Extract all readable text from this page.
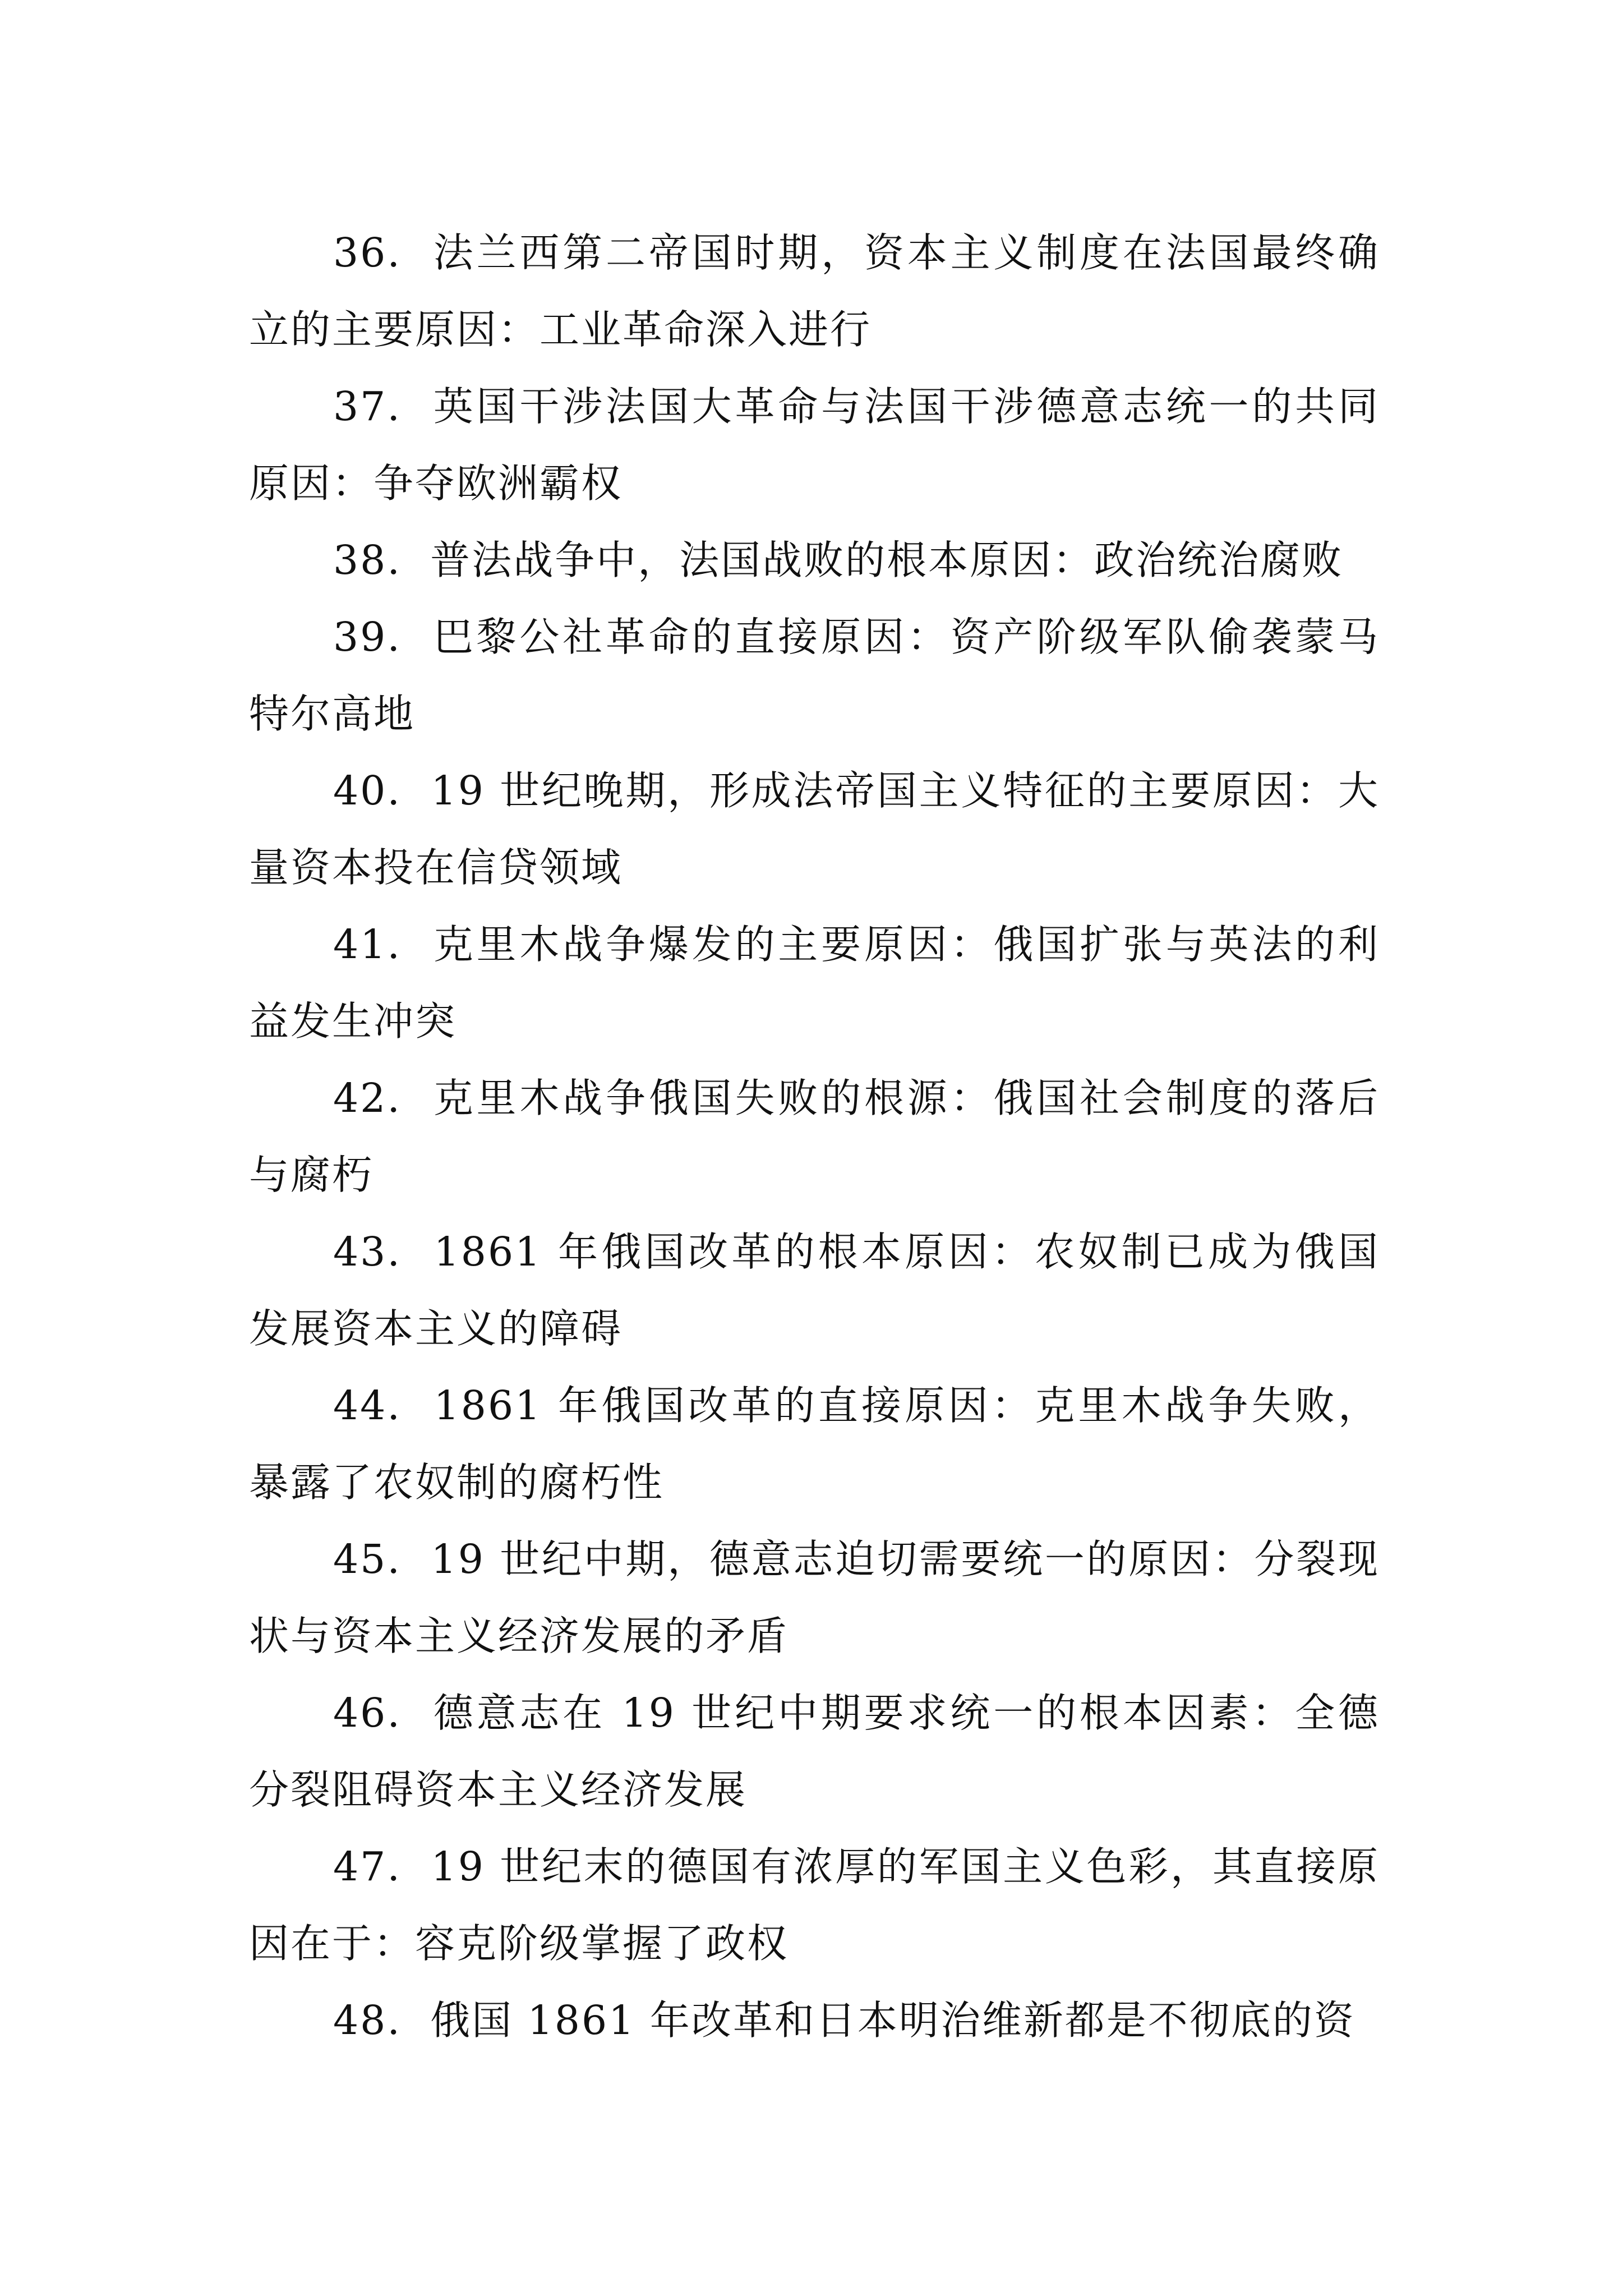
36. 法兰西第二帝国时期，资本主义制度在法国最终确立的主要原因：工业革命深入进行

37. 英国干涉法国大革命与法国干涉德意志统一的共同原因：争夺欧洲霸权

38. 普法战争中，法国战败的根本原因：政治统治腐败

39. 巴黎公社革命的直接原因：资产阶级军队偷袭蒙马特尔高地

40. 19 世纪晚期，形成法帝国主义特征的主要原因：大量资本投在信贷领域

41. 克里木战争爆发的主要原因：俄国扩张与英法的利益发生冲突

42. 克里木战争俄国失败的根源：俄国社会制度的落后与腐朽

43. 1861 年俄国改革的根本原因：农奴制已成为俄国发展资本主义的障碍

44. 1861 年俄国改革的直接原因：克里木战争失败，暴露了农奴制的腐朽性

45. 19 世纪中期，德意志迫切需要统一的原因：分裂现状与资本主义经济发展的矛盾

46. 德意志在 19 世纪中期要求统一的根本因素：全德分裂阻碍资本主义经济发展

47. 19 世纪末的德国有浓厚的军国主义色彩，其直接原因在于：容克阶级掌握了政权

48. 俄国 1861 年改革和日本明治维新都是不彻底的资
